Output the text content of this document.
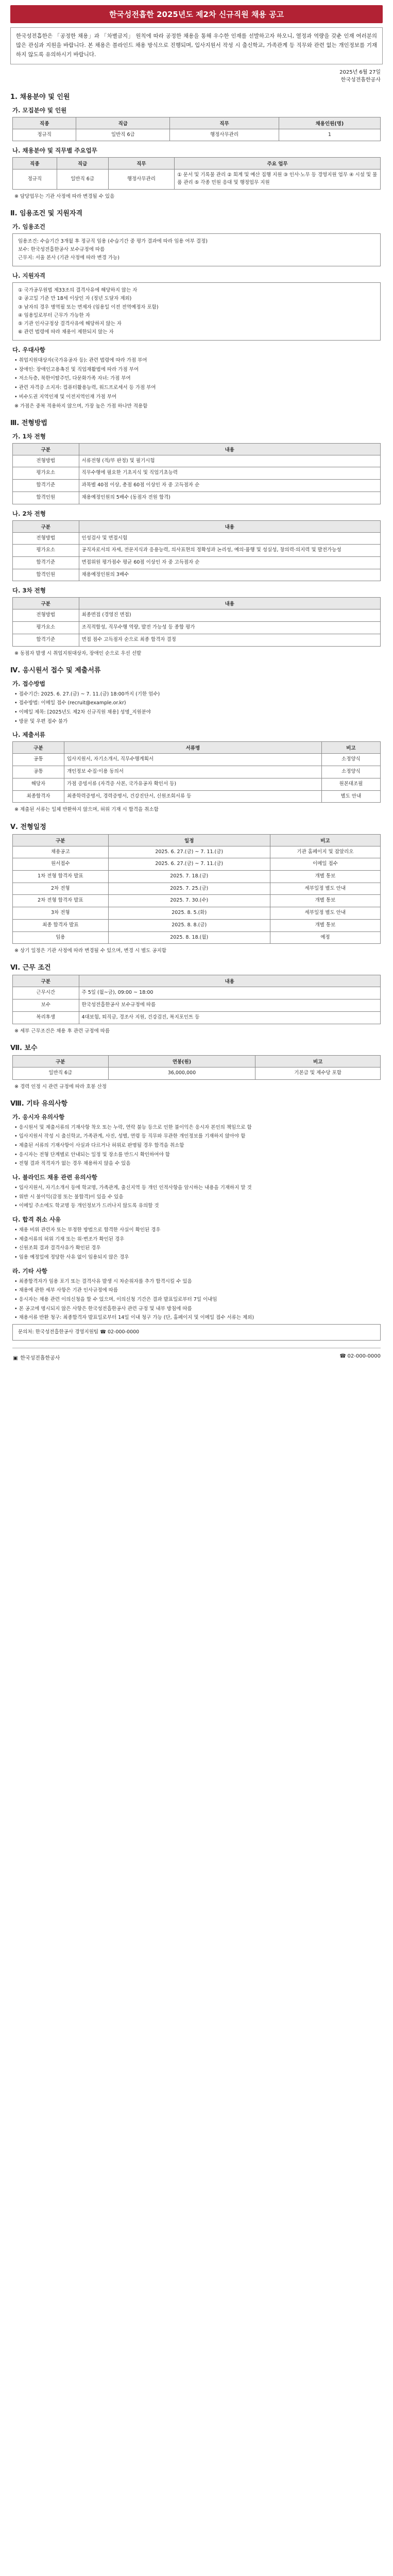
한국성전흡한 2025년도 제2차 신규직원 채용 공고
한국성전흡한은 「공정한 채용」과 「차별금지」 원칙에 따라 공정한 채용을 통해 우수한 인재를 선발하고자 하오니, 열정과 역량을 갖춘 인재 여러분의 많은 관심과 지원을 바랍니다. 본 채용은 블라인드 채용 방식으로 진행되며, 입사지원서 작성 시 출신학교, 가족관계 등 직무와 관련 없는 개인정보를 기재하지 않도록 유의하시기 바랍니다.
2025년 6월 27일
한국성전흡한공사
1. 채용분야 및 인원
가. 모집분야 및 인원
직종	직급	직무	채용인원(명)
정규직	일반직 6급	행정사무관리	1
나. 채용분야 및 직무별 주요업무
직종	직급	직무	주요 업무
정규직	일반직 6급	행정사무관리	① 문서 및 기록물 관리 ② 회계 및 예산 집행 지원 ③ 인사·노무 등 경영지원 업무 ④ 시설 및 물품 관리 ⑤ 각종 민원 응대 및 행정업무 지원
※ 담당업무는 기관 사정에 따라 변경될 수 있음
Ⅱ. 임용조건 및 지원자격
가. 임용조건
임용조건: 수습기간 3개월 후 정규직 임용 (수습기간 중 평가 결과에 따라 임용 여부 결정)
보수: 한국성전흡한공사 보수규정에 따름
근무지: 서울 본사 (기관 사정에 따라 변경 가능)
나. 지원자격
① 국가공무원법 제33조의 결격사유에 해당하지 않는 자
② 공고일 기준 만 18세 이상인 자 (정년 도달자 제외)
③ 남자의 경우 병역필 또는 면제자 (임용일 이전 전역예정자 포함)
④ 임용일로부터 근무가 가능한 자
⑤ 기관 인사규정상 결격사유에 해당하지 않는 자
⑥ 관련 법령에 따라 채용이 제한되지 않는 자
다. 우대사항
• 취업지원대상자(국가유공자 등): 관련 법령에 따라 가점 부여
• 장애인: 장애인고용촉진 및 직업재활법에 따라 가점 부여
• 저소득층, 북한이탈주민, 다문화가족 자녀: 가점 부여
• 관련 자격증 소지자: 컴퓨터활용능력, 워드프로세서 등 가점 부여
• 비수도권 지역인재 및 이전지역인재 가점 부여
※ 가점은 중복 적용하지 않으며, 가장 높은 가점 하나만 적용함
Ⅲ. 전형방법
가. 1차 전형
구분	내용
전형방법	서류전형 (적/부 판정) 및 필기시험
평가요소	직무수행에 필요한 기초지식 및 직업기초능력
합격기준	과목별 40점 이상, 총점 60점 이상인 자 중 고득점자 순
합격인원	채용예정인원의 5배수 (동점자 전원 합격)
나. 2차 전형
구분	내용
전형방법	인성검사 및 면접시험
평가요소	공직자로서의 자세, 전문지식과 응용능력, 의사표현의 정확성과 논리성, 예의·품행 및 성실성, 창의력·의지력 및 발전가능성
합격기준	면접위원 평가점수 평균 60점 이상인 자 중 고득점자 순
합격인원	채용예정인원의 3배수
다. 3차 전형
구분	내용
전형방법	최종면접 (경영진 면접)
평가요소	조직적합성, 직무수행 역량, 발전 가능성 등 종합 평가
합격기준	면접 점수 고득점자 순으로 최종 합격자 결정
※ 동점자 발생 시 취업지원대상자, 장애인 순으로 우선 선발
Ⅳ. 응시원서 접수 및 제출서류
가. 접수방법
• 접수기간: 2025. 6. 27.(금) ~ 7. 11.(금) 18:00까지 (기한 엄수)
• 접수방법: 이메일 접수 (recruit@example.or.kr)
• 이메일 제목: [2025년도 제2차 신규직원 채용] 성명_지원분야
• 방문 및 우편 접수 불가
나. 제출서류
구분	서류명	비고
공통	입사지원서, 자기소개서, 직무수행계획서	소정양식
공통	개인정보 수집·이용 동의서	소정양식
해당자	가점 증빙서류 (자격증 사본, 국가유공자 확인서 등)	원본대조필
최종합격자	최종학력증명서, 경력증명서, 건강진단서, 신원조회서류 등	별도 안내
※ 제출된 서류는 일체 반환하지 않으며, 허위 기재 시 합격을 취소함
Ⅴ. 전형일정
구분	일정	비고
채용공고	2025. 6. 27.(금) ~ 7. 11.(금)	기관 홈페이지 및 잡알리오
원서접수	2025. 6. 27.(금) ~ 7. 11.(금)	이메일 접수
1차 전형 합격자 발표	2025. 7. 18.(금)	개별 통보
2차 전형	2025. 7. 25.(금)	세부일정 별도 안내
2차 전형 합격자 발표	2025. 7. 30.(수)	개별 통보
3차 전형	2025. 8. 5.(화)	세부일정 별도 안내
최종 합격자 발표	2025. 8. 8.(금)	개별 통보
임용	2025. 8. 18.(월)	예정
※ 상기 일정은 기관 사정에 따라 변경될 수 있으며, 변경 시 별도 공지함
Ⅵ. 근무 조건
구분	내용
근무시간	주 5일 (월~금), 09:00 ~ 18:00
보수	한국성전흡한공사 보수규정에 따름
복리후생	4대보험, 퇴직금, 경조사 지원, 건강검진, 복지포인트 등
※ 세부 근무조건은 채용 후 관련 규정에 따름
Ⅶ. 보수
구분	연봉(원)	비고
일반직 6급	36,000,000	기본급 및 제수당 포함
※ 경력 인정 시 관련 규정에 따라 호봉 산정
Ⅷ. 기타 유의사항
가. 응시자 유의사항
• 응시원서 및 제출서류의 기재사항 착오 또는 누락, 연락 불능 등으로 인한 불이익은 응시자 본인의 책임으로 함
• 입사지원서 작성 시 출신학교, 가족관계, 사진, 성별, 연령 등 직무와 무관한 개인정보를 기재하지 않아야 함
• 제출된 서류의 기재사항이 사실과 다르거나 허위로 판명될 경우 합격을 취소함
• 응시자는 전형 단계별로 안내되는 일정 및 장소를 반드시 확인하여야 함
• 전형 결과 적격자가 없는 경우 채용하지 않을 수 있음
나. 블라인드 채용 관련 유의사항
• 입사지원서, 자기소개서 등에 학교명, 가족관계, 출신지역 등 개인 인적사항을 암시하는 내용을 기재하지 말 것
• 위반 시 불이익(감점 또는 불합격)이 있을 수 있음
• 이메일 주소에도 학교명 등 개인정보가 드러나지 않도록 유의할 것
다. 합격 취소 사유
• 채용 비위 관련자 또는 부정한 방법으로 합격한 사실이 확인된 경우
• 제출서류의 허위 기재 또는 위·변조가 확인된 경우
• 신원조회 결과 결격사유가 확인된 경우
• 임용 예정일에 정당한 사유 없이 임용되지 않은 경우
라. 기타 사항
• 최종합격자가 임용 포기 또는 결격사유 발생 시 차순위자를 추가 합격시킬 수 있음
• 채용에 관한 세부 사항은 기관 인사규정에 따름
• 응시자는 채용 관련 이의신청을 할 수 있으며, 이의신청 기간은 결과 발표일로부터 7일 이내임
• 본 공고에 명시되지 않은 사항은 한국성전흡한공사 관련 규정 및 내부 방침에 따름
• 채용서류 반환 청구: 최종합격자 발표일로부터 14일 이내 청구 가능 (단, 홈페이지 및 이메일 접수 서류는 제외)
문의처: 한국성전흡한공사 경영지원팀 ☎ 02-000-0000
▣ 한국성전흡한공사	☎ 02-000-0000
